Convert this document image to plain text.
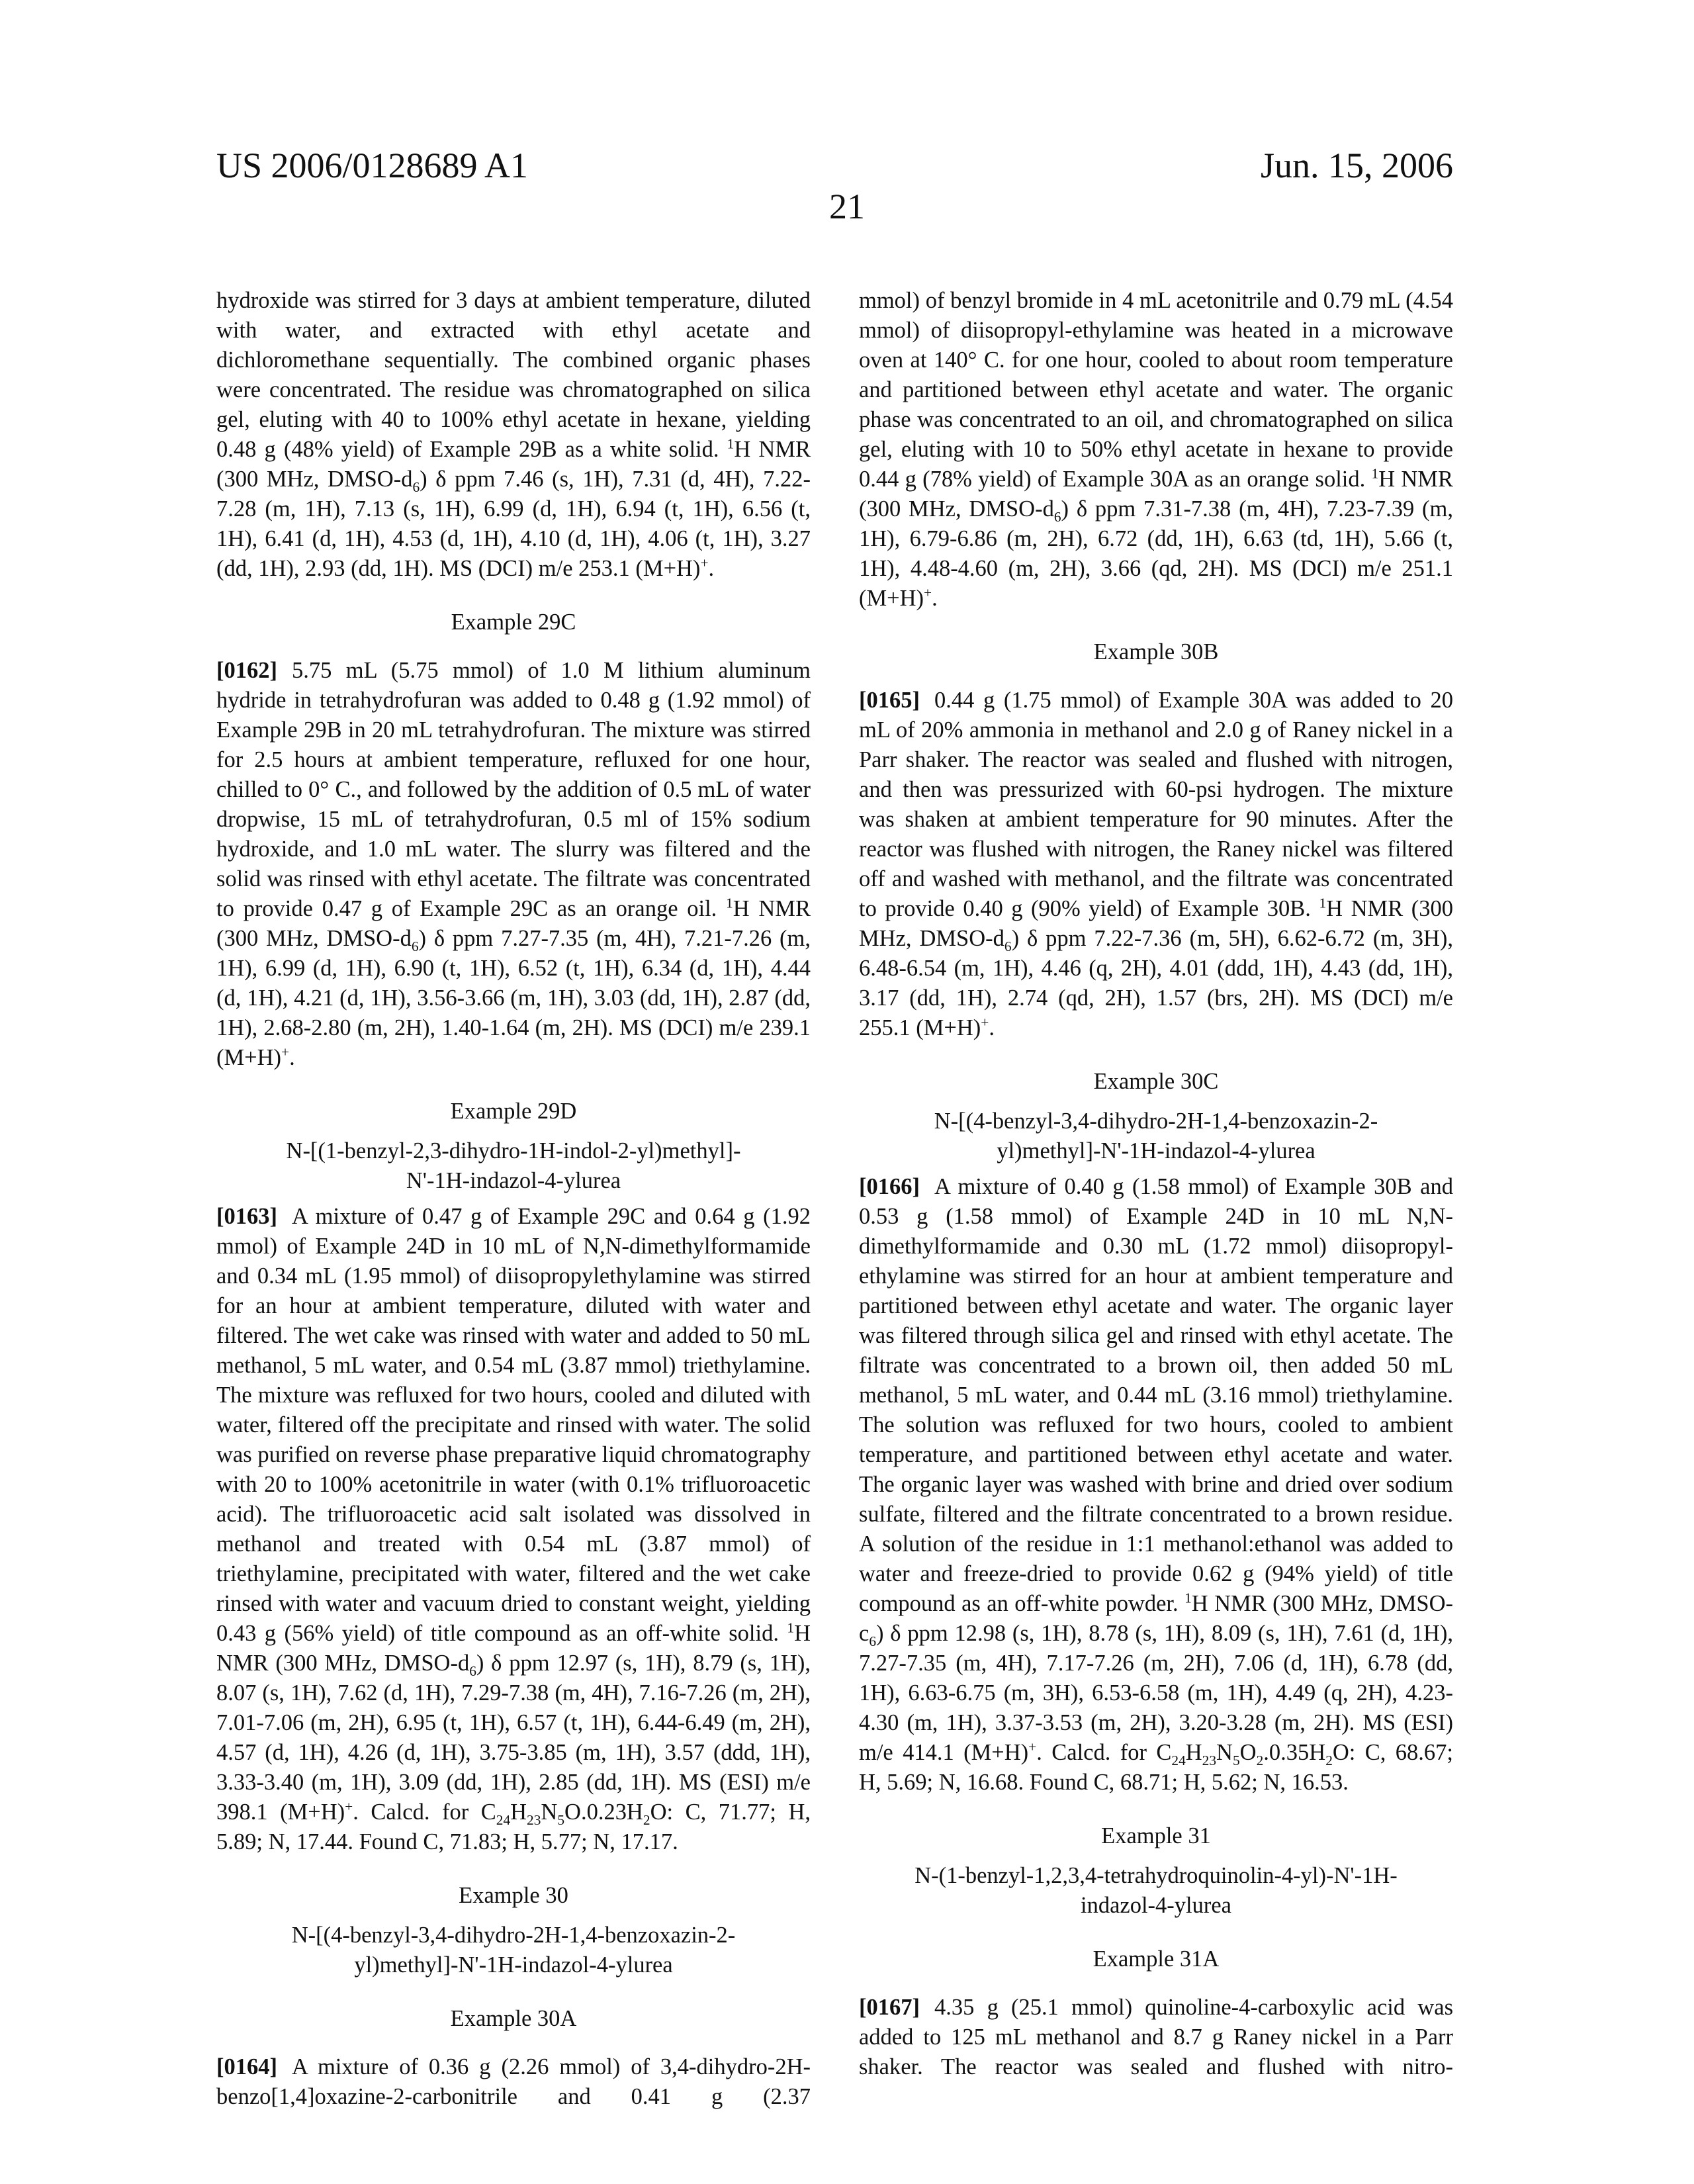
US 2006/0128689 A1	Jun. 15, 2006
21
hydroxide was stirred for 3 days at ambient temperature, diluted with water, and extracted with ethyl acetate and dichloromethane sequentially. The combined organic phases were concentrated. The residue was chromatographed on silica gel, eluting with 40 to 100% ethyl acetate in hexane, yielding 0.48 g (48% yield) of Example 29B as a white solid. 1H NMR (300 MHz, DMSO-d6) δ ppm 7.46 (s, 1H), 7.31 (d, 4H), 7.22-7.28 (m, 1H), 7.13 (s, 1H), 6.99 (d, 1H), 6.94 (t, 1H), 6.56 (t, 1H), 6.41 (d, 1H), 4.53 (d, 1H), 4.10 (d, 1H), 4.06 (t, 1H), 3.27 (dd, 1H), 2.93 (dd, 1H). MS (DCI) m/e 253.1 (M+H)+.
Example 29C
[0162] 5.75 mL (5.75 mmol) of 1.0 M lithium aluminum hydride in tetrahydrofuran was added to 0.48 g (1.92 mmol) of Example 29B in 20 mL tetrahydrofuran. The mixture was stirred for 2.5 hours at ambient temperature, refluxed for one hour, chilled to 0° C., and followed by the addition of 0.5 mL of water dropwise, 15 mL of tetrahydrofuran, 0.5 ml of 15% sodium hydroxide, and 1.0 mL water. The slurry was filtered and the solid was rinsed with ethyl acetate. The filtrate was concentrated to provide 0.47 g of Example 29C as an orange oil. 1H NMR (300 MHz, DMSO-d6) δ ppm 7.27-7.35 (m, 4H), 7.21-7.26 (m, 1H), 6.99 (d, 1H), 6.90 (t, 1H), 6.52 (t, 1H), 6.34 (d, 1H), 4.44 (d, 1H), 4.21 (d, 1H), 3.56-3.66 (m, 1H), 3.03 (dd, 1H), 2.87 (dd, 1H), 2.68-2.80 (m, 2H), 1.40-1.64 (m, 2H). MS (DCI) m/e 239.1 (M+H)+.
Example 29D
N-[(1-benzyl-2,3-dihydro-1H-indol-2-yl)methyl]-N'-1H-indazol-4-ylurea
[0163] A mixture of 0.47 g of Example 29C and 0.64 g (1.92 mmol) of Example 24D in 10 mL of N,N-dimethylformamide and 0.34 mL (1.95 mmol) of diisopropylethylamine was stirred for an hour at ambient temperature, diluted with water and filtered. The wet cake was rinsed with water and added to 50 mL methanol, 5 mL water, and 0.54 mL (3.87 mmol) triethylamine. The mixture was refluxed for two hours, cooled and diluted with water, filtered off the precipitate and rinsed with water. The solid was purified on reverse phase preparative liquid chromatography with 20 to 100% acetonitrile in water (with 0.1% trifluoroacetic acid). The trifluoroacetic acid salt isolated was dissolved in methanol and treated with 0.54 mL (3.87 mmol) of triethylamine, precipitated with water, filtered and the wet cake rinsed with water and vacuum dried to constant weight, yielding 0.43 g (56% yield) of title compound as an off-white solid. 1H NMR (300 MHz, DMSO-d6) δ ppm 12.97 (s, 1H), 8.79 (s, 1H), 8.07 (s, 1H), 7.62 (d, 1H), 7.29-7.38 (m, 4H), 7.16-7.26 (m, 2H), 7.01-7.06 (m, 2H), 6.95 (t, 1H), 6.57 (t, 1H), 6.44-6.49 (m, 2H), 4.57 (d, 1H), 4.26 (d, 1H), 3.75-3.85 (m, 1H), 3.57 (ddd, 1H), 3.33-3.40 (m, 1H), 3.09 (dd, 1H), 2.85 (dd, 1H). MS (ESI) m/e 398.1 (M+H)+. Calcd. for C24H23N5O.0.23H2O: C, 71.77; H, 5.89; N, 17.44. Found C, 71.83; H, 5.77; N, 17.17.
Example 30
N-[(4-benzyl-3,4-dihydro-2H-1,4-benzoxazin-2-yl)methyl]-N'-1H-indazol-4-ylurea
Example 30A
[0164] A mixture of 0.36 g (2.26 mmol) of 3,4-dihydro-2H-benzo[1,4]oxazine-2-carbonitrile and 0.41 g (2.37
mmol) of benzyl bromide in 4 mL acetonitrile and 0.79 mL (4.54 mmol) of diisopropyl-ethylamine was heated in a microwave oven at 140° C. for one hour, cooled to about room temperature and partitioned between ethyl acetate and water. The organic phase was concentrated to an oil, and chromatographed on silica gel, eluting with 10 to 50% ethyl acetate in hexane to provide 0.44 g (78% yield) of Example 30A as an orange solid. 1H NMR (300 MHz, DMSO-d6) δ ppm 7.31-7.38 (m, 4H), 7.23-7.39 (m, 1H), 6.79-6.86 (m, 2H), 6.72 (dd, 1H), 6.63 (td, 1H), 5.66 (t, 1H), 4.48-4.60 (m, 2H), 3.66 (qd, 2H). MS (DCI) m/e 251.1 (M+H)+.
Example 30B
[0165] 0.44 g (1.75 mmol) of Example 30A was added to 20 mL of 20% ammonia in methanol and 2.0 g of Raney nickel in a Parr shaker. The reactor was sealed and flushed with nitrogen, and then was pressurized with 60-psi hydrogen. The mixture was shaken at ambient temperature for 90 minutes. After the reactor was flushed with nitrogen, the Raney nickel was filtered off and washed with methanol, and the filtrate was concentrated to provide 0.40 g (90% yield) of Example 30B. 1H NMR (300 MHz, DMSO-d6) δ ppm 7.22-7.36 (m, 5H), 6.62-6.72 (m, 3H), 6.48-6.54 (m, 1H), 4.46 (q, 2H), 4.01 (ddd, 1H), 4.43 (dd, 1H), 3.17 (dd, 1H), 2.74 (qd, 2H), 1.57 (brs, 2H). MS (DCI) m/e 255.1 (M+H)+.
Example 30C
N-[(4-benzyl-3,4-dihydro-2H-1,4-benzoxazin-2-yl)methyl]-N'-1H-indazol-4-ylurea
[0166] A mixture of 0.40 g (1.58 mmol) of Example 30B and 0.53 g (1.58 mmol) of Example 24D in 10 mL N,N-dimethylformamide and 0.30 mL (1.72 mmol) diisopropyl-ethylamine was stirred for an hour at ambient temperature and partitioned between ethyl acetate and water. The organic layer was filtered through silica gel and rinsed with ethyl acetate. The filtrate was concentrated to a brown oil, then added 50 mL methanol, 5 mL water, and 0.44 mL (3.16 mmol) triethylamine. The solution was refluxed for two hours, cooled to ambient temperature, and partitioned between ethyl acetate and water. The organic layer was washed with brine and dried over sodium sulfate, filtered and the filtrate concentrated to a brown residue. A solution of the residue in 1:1 methanol:ethanol was added to water and freeze-dried to provide 0.62 g (94% yield) of title compound as an off-white powder. 1H NMR (300 MHz, DMSO-c6) δ ppm 12.98 (s, 1H), 8.78 (s, 1H), 8.09 (s, 1H), 7.61 (d, 1H), 7.27-7.35 (m, 4H), 7.17-7.26 (m, 2H), 7.06 (d, 1H), 6.78 (dd, 1H), 6.63-6.75 (m, 3H), 6.53-6.58 (m, 1H), 4.49 (q, 2H), 4.23-4.30 (m, 1H), 3.37-3.53 (m, 2H), 3.20-3.28 (m, 2H). MS (ESI) m/e 414.1 (M+H)+. Calcd. for C24H23N5O2.0.35H2O: C, 68.67; H, 5.69; N, 16.68. Found C, 68.71; H, 5.62; N, 16.53.
Example 31
N-(1-benzyl-1,2,3,4-tetrahydroquinolin-4-yl)-N'-1H-indazol-4-ylurea
Example 31A
[0167] 4.35 g (25.1 mmol) quinoline-4-carboxylic acid was added to 125 mL methanol and 8.7 g Raney nickel in a Parr shaker. The reactor was sealed and flushed with nitro-
